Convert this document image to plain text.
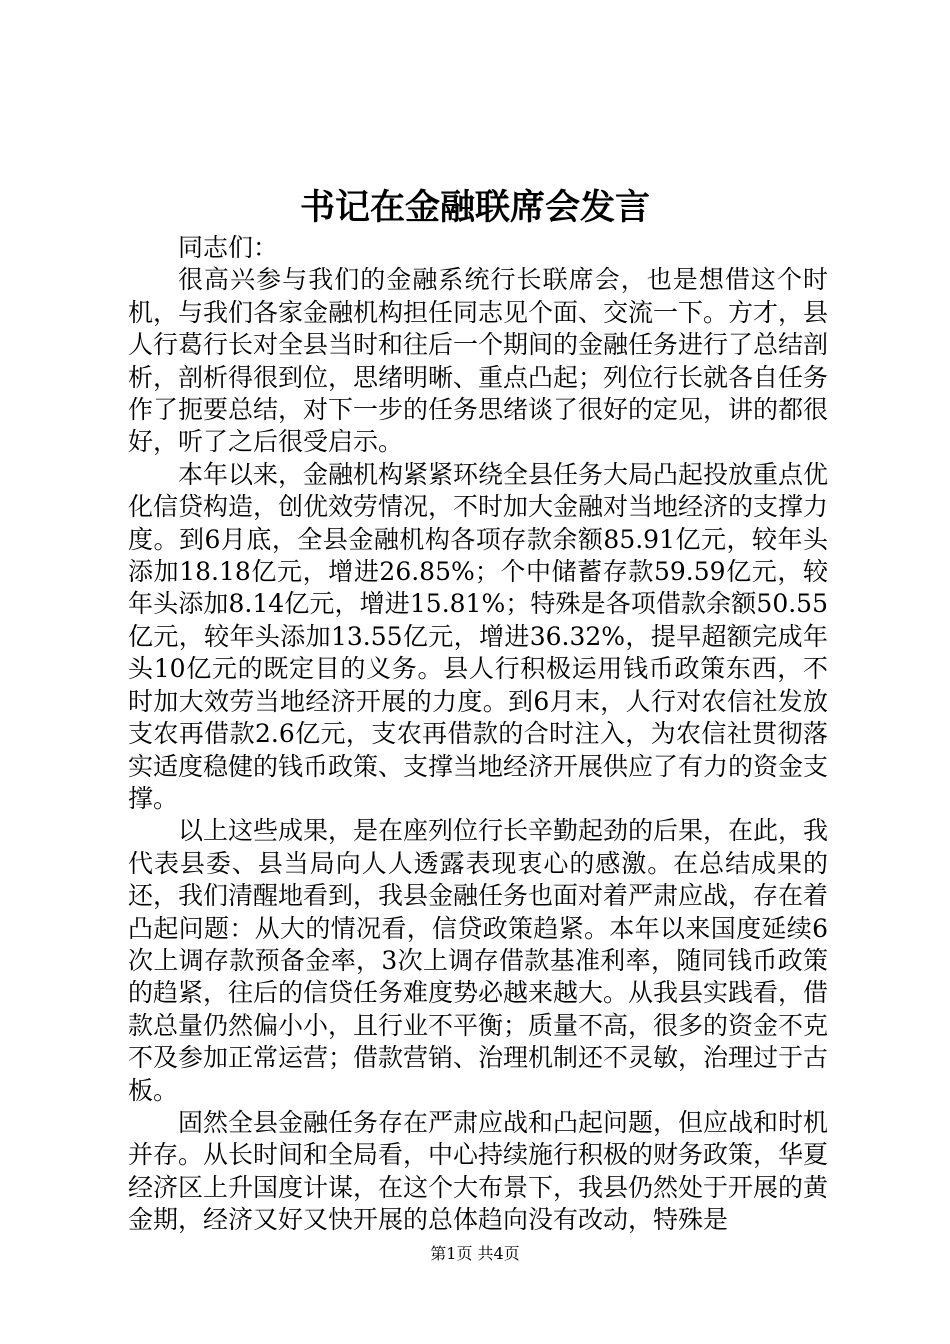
书记在金融联席会发言

同志们：

很高兴参与我们的金融系统行长联席会，也是想借这个时机，与我们各家金融机构担任同志见个面、交流一下。方才，县人行葛行长对全县当时和往后一个期间的金融任务进行了总结剖析，剖析得很到位，思绪明晰、重点凸起；列位行长就各自任务作了扼要总结，对下一步的任务思绪谈了很好的定见，讲的都很好，听了之后很受启示。

本年以来，金融机构紧紧环绕全县任务大局凸起投放重点优化信贷构造，创优效劳情况，不时加大金融对当地经济的支撑力度。到6月底，全县金融机构各项存款余额85.91亿元，较年头添加18.18亿元，增进26.85%；个中储蓄存款59.59亿元，较年头添加8.14亿元，增进15.81%；特殊是各项借款余额50.55亿元，较年头添加13.55亿元，增进36.32%，提早超额完成年头10亿元的既定目的义务。县人行积极运用钱币政策东西，不时加大效劳当地经济开展的力度。到6月末，人行对农信社发放支农再借款2.6亿元，支农再借款的合时注入，为农信社贯彻落实适度稳健的钱币政策、支撑当地经济开展供应了有力的资金支撑。

以上这些成果，是在座列位行长辛勤起劲的后果，在此，我代表县委、县当局向人人透露表现衷心的感激。在总结成果的还，我们清醒地看到，我县金融任务也面对着严肃应战，存在着凸起问题：从大的情况看，信贷政策趋紧。本年以来国度延续6次上调存款预备金率，3次上调存借款基准利率，随同钱币政策的趋紧，往后的信贷任务难度势必越来越大。从我县实践看，借款总量仍然偏小小，且行业不平衡；质量不高，很多的资金不克不及参加正常运营；借款营销、治理机制还不灵敏，治理过于古板。

固然全县金融任务存在严肃应战和凸起问题，但应战和时机并存。从长时间和全局看，中心持续施行积极的财务政策，华夏经济区上升国度计谋，在这个大布景下，我县仍然处于开展的黄金期，经济又好又快开展的总体趋向没有改动，特殊是

第1页 共4页
